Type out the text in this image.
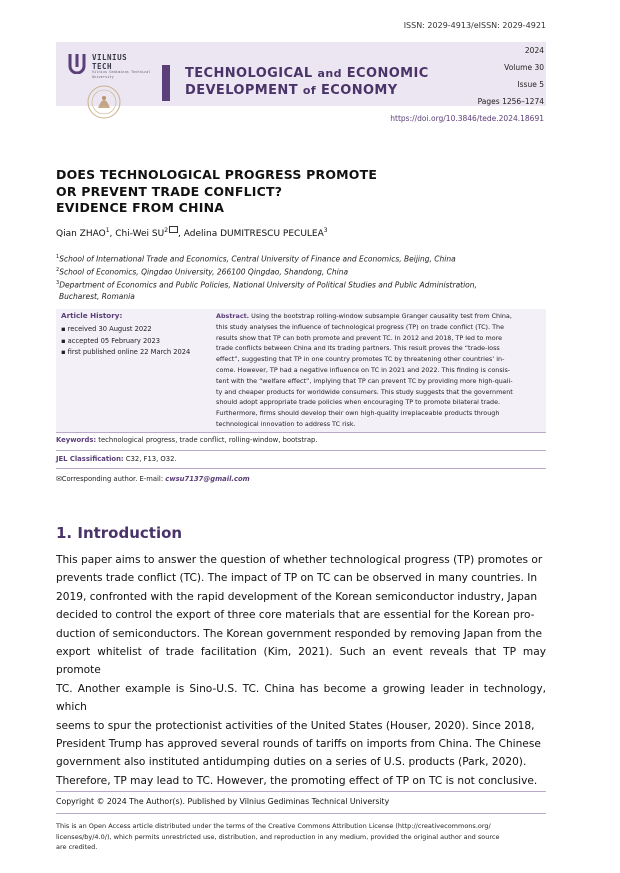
ISSN: 2029-4913/eISSN: 2029-4921
VILNIUS
TECH
Vilnius Gediminas Technical University	TECHNOLOGICAL and ECONOMIC
DEVELOPMENT of ECONOMY
2024
Volume 30
Issue 5
Pages 1256–1274
https://doi.org/10.3846/tede.2024.18691
DOES TECHNOLOGICAL PROGRESS PROMOTE
OR PREVENT TRADE CONFLICT?
EVIDENCE FROM CHINA
Qian ZHAO$^1$, Chi-Wei $SU^2$ , Adelina DUMITRESCU PECULEA$^3$
$^1$School of International Trade and Economics, Central University of Finance and Economics, Beijing, China
$^2$School of Economics, Qingdao University, 266100 Qingdao, Shandong, China
$^3$Department of Economics and Public Policies, National University of Political Studies and Public Administration,
Bucharest, Romania
Article History:
▪ received 30 August 2022
▪ accepted 05 February 2023
▪ first published online 22 March 2024
Abstract. Using the bootstrap rolling-window subsample Granger causality test from China,
this study analyses the influence of technological progress (TP) on trade conflict (TC). The
results show that TP can both promote and prevent TC. In 2012 and 2018, TP led to more
trade conflicts between China and its trading partners. This result proves the “trade-loss
effect”, suggesting that TP in one country promotes TC by threatening other countries’ in-
come. However, TP had a negative influence on TC in 2021 and 2022. This finding is consis-
tent with the “welfare effect”, implying that TP can prevent TC by providing more high-quali-
ty and cheaper products for worldwide consumers. This study suggests that the government
should adopt appropriate trade policies when encouraging TP to promote bilateral trade.
Furthermore, firms should develop their own high-quality irreplaceable products through
technological innovation to address TC risk.
Keywords: technological progress, trade conflict, rolling-window, bootstrap.
JEL Classification: C32, F13, O32.
✉Corresponding author. E-mail: cwsu7137@gmail.com
1. Introduction
This paper aims to answer the question of whether technological progress (TP) promotes or
prevents trade conflict (TC). The impact of TP on TC can be observed in many countries. In
2019, confronted with the rapid development of the Korean semiconductor industry, Japan
decided to control the export of three core materials that are essential for the Korean pro-
duction of semiconductors. The Korean government responded by removing Japan from the
export whitelist of trade facilitation (Kim, 2021). Such an event reveals that TP may promote
TC. Another example is Sino-U.S. TC. China has become a growing leader in technology, which
seems to spur the protectionist activities of the United States (Houser, 2020). Since 2018,
President Trump has approved several rounds of tariffs on imports from China. The Chinese
government also instituted antidumping duties on a series of U.S. products (Park, 2020).
Therefore, TP may lead to TC. However, the promoting effect of TP on TC is not conclusive.
Copyright © 2024 The Author(s). Published by Vilnius Gediminas Technical University
This is an Open Access article distributed under the terms of the Creative Commons Attribution License (http://creativecommons.org/
licenses/by/4.0/), which permits unrestricted use, distribution, and reproduction in any medium, provided the original author and source
are credited.
